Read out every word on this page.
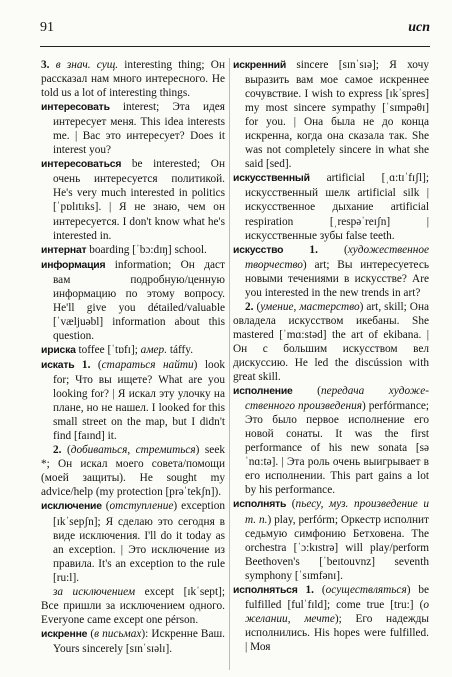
91	исп

3. в знач. сущ. interesting thing; Он рассказал нам много интересного. He told us a lot of interesting things.

интересовать interest; Эта идея интересует меня. This idea interests me. | Вас это интересует? Does it interest you?

интересоваться be interested; Он очень интересуется политикой. He's very much interested in politics [ˈpɒlɪtɪks]. | Я не знаю, чем он интересуется. I don't know what he's interested in.

интернат boarding [ˈbɔ:dɪŋ] school.

информация information; Он даст вам подробную/ценную информацию по этому вопросу. He'll give you détailed/valuable [ˈvæljuəbl] information about this question.

ириска toffee [ˈtɒfɪ]; амер. táffy.

искать 1. (стараться найти) look for; Что вы ищете? What are you looking for? | Я искал эту улочку на плане, но не нашел. I looked for this small street on the map, but I didn't find [faɪnd] it.

2. (добиваться, стремиться) seek *; Он искал моего совета/помощи (моей защиты). He sought my advice/help (my protection [prəˈtekʃn]).

исключение (отступление) exception [ɪkˈsepʃn]; Я сделаю это сегодня в виде исключения. I'll do it today as an exception. | Это исключение из правила. It's an exception to the rule [ru:l].

за исключением except [ɪkˈsept]; Все пришли за исключением одного. Everyone came except one pérson.

искренне (в письмах): Искренне Ваш. Yours sincerely [sɪnˈsɪəlɪ].

искренний sincere [sɪnˈsɪə]; Я хочу выразить вам мое самое искреннее сочувствие. I wish to express [ɪkˈspres] my most sincere sympathy [ˈsɪmpəθɪ] for you. | Она была не до конца искренна, когда она сказала так. She was not completely sincere in what she said [sed].

искусственный artificial [ˌɑ:tɪˈfɪʃl]; искусственный шелк artificial silk | искусственное дыхание artificial respiration [ˌrespəˈreɪʃn] | искусственные зубы false teeth.

искусство 1. (художественное творчество) art; Вы интересуетесь новыми течениями в искусстве? Are you interested in the new trends in art?

2. (умение, мастерство) art, skill; Она овладела искусством икебаны. She mastered [ˈmɑ:stəd] the art of ekibana. | Он с большим искусством вел дискуссию. He led the discússion with great skill.

исполнение (передача художественного произведения) perfórmance; Это было первое исполнение его новой сонаты. It was the first performance of his new sonata [səˈnɑ:tə]. | Эта роль очень выигрывает в его исполнении. This part gains a lot by his performance.

исполнять (пьесу, муз. произведение и т. п.) play, perfórm; Оркестр исполнит седьмую симфонию Бетховена. The orchestra [ˈɔ:kɪstrə] will play/perform Beethoven's [ˈbeɪtouvnz] seventh symphony [ˈsɪmfənɪ].

исполняться 1. (осуществляться) be fulfilled [fulˈfɪld]; come true [tru:] (о желании, мечте); Его надежды исполнились. His hopes were fulfilled. | Моя
